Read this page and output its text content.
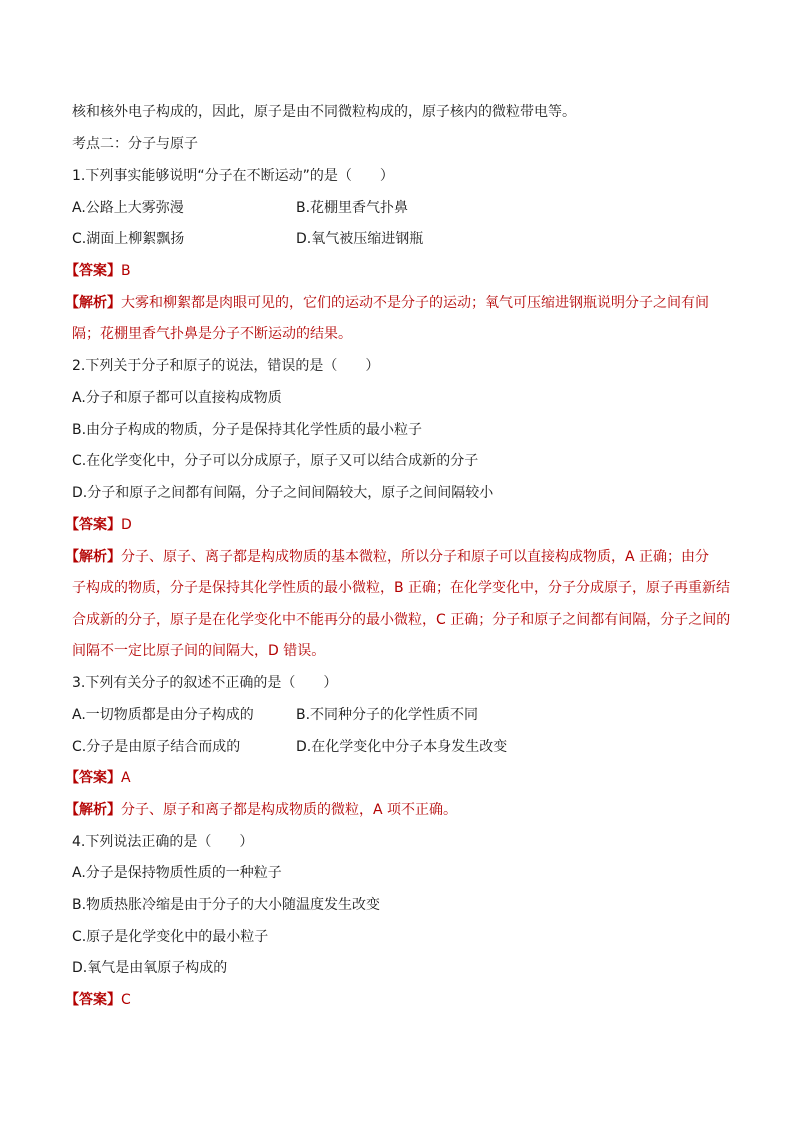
核和核外电子构成的，因此，原子是由不同微粒构成的，原子核内的微粒带电等。
考点二：分子与原子
1.下列事实能够说明“分子在不断运动”的是（　　）
A.公路上大雾弥漫	B.花棚里香气扑鼻
C.湖面上柳絮飘扬	D.氧气被压缩进钢瓶
【答案】B
【解析】大雾和柳絮都是肉眼可见的，它们的运动不是分子的运动；氧气可压缩进钢瓶说明分子之间有间
隔；花棚里香气扑鼻是分子不断运动的结果。
2.下列关于分子和原子的说法，错误的是（　　）
A.分子和原子都可以直接构成物质
B.由分子构成的物质，分子是保持其化学性质的最小粒子
C.在化学变化中，分子可以分成原子，原子又可以结合成新的分子
D.分子和原子之间都有间隔，分子之间间隔较大，原子之间间隔较小
【答案】D
【解析】分子、原子、离子都是构成物质的基本微粒，所以分子和原子可以直接构成物质，A 正确；由分
子构成的物质，分子是保持其化学性质的最小微粒，B 正确；在化学变化中，分子分成原子，原子再重新结
合成新的分子，原子是在化学变化中不能再分的最小微粒，C 正确；分子和原子之间都有间隔，分子之间的
间隔不一定比原子间的间隔大，D 错误。
3.下列有关分子的叙述不正确的是（　　）
A.一切物质都是由分子构成的	B.不同种分子的化学性质不同
C.分子是由原子结合而成的	D.在化学变化中分子本身发生改变
【答案】A
【解析】分子、原子和离子都是构成物质的微粒，A 项不正确。
4.下列说法正确的是（　　）
A.分子是保持物质性质的一种粒子
B.物质热胀冷缩是由于分子的大小随温度发生改变
C.原子是化学变化中的最小粒子
D.氧气是由氧原子构成的
【答案】C
